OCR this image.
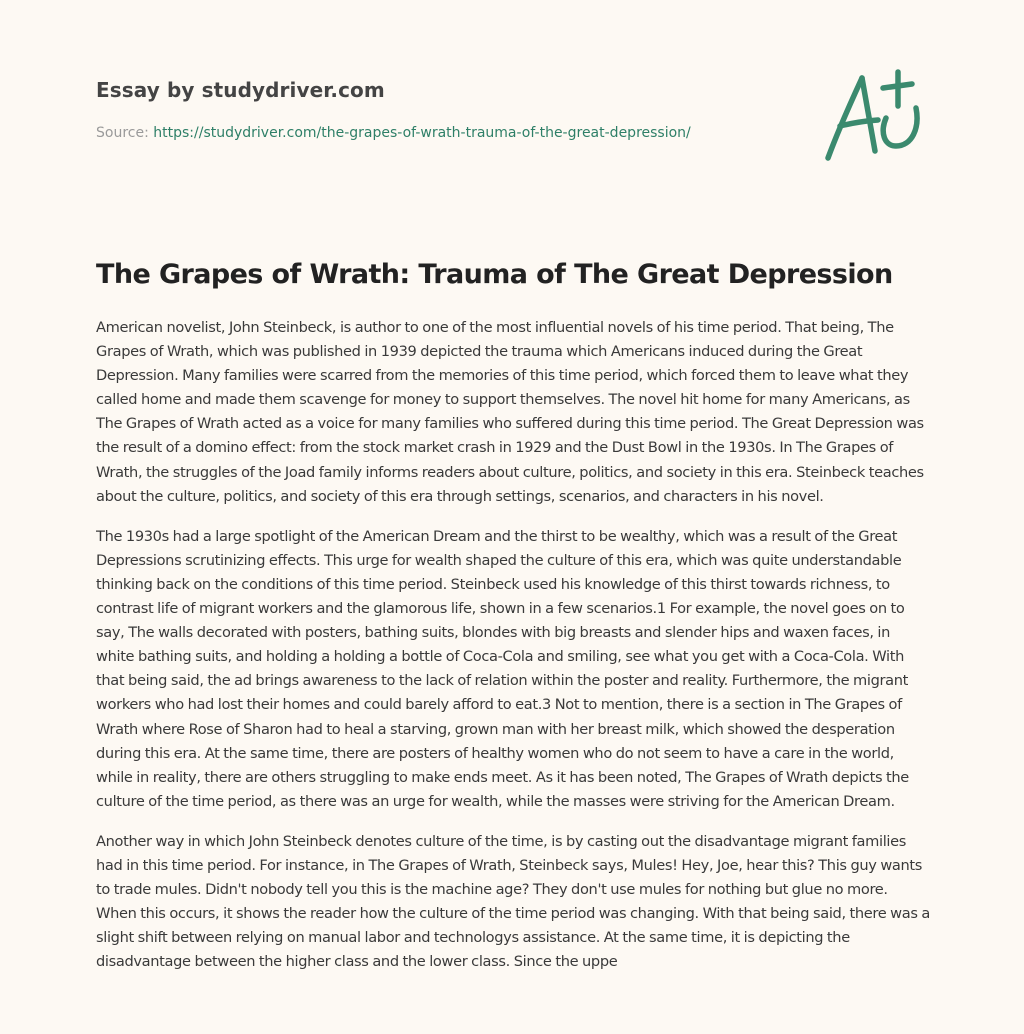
Essay by studydriver.com
Source: https://studydriver.com/the-grapes-of-wrath-trauma-of-the-great-depression/
The Grapes of Wrath: Trauma of The Great Depression

American novelist, John Steinbeck, is author to one of the most influential novels of his time period. That being, The Grapes of Wrath, which was published in 1939 depicted the trauma which Americans induced during the Great Depression. Many families were scarred from the memories of this time period, which forced them to leave what they called home and made them scavenge for money to support themselves. The novel hit home for many Americans, as The Grapes of Wrath acted as a voice for many families who suffered during this time period. The Great Depression was the result of a domino effect: from the stock market crash in 1929 and the Dust Bowl in the 1930s. In The Grapes of Wrath, the struggles of the Joad family informs readers about culture, politics, and society in this era. Steinbeck teaches about the culture, politics, and society of this era through settings, scenarios, and characters in his novel.

The 1930s had a large spotlight of the American Dream and the thirst to be wealthy, which was a result of the Great Depressions scrutinizing effects. This urge for wealth shaped the culture of this era, which was quite understandable thinking back on the conditions of this time period. Steinbeck used his knowledge of this thirst towards richness, to contrast life of migrant workers and the glamorous life, shown in a few scenarios.1 For example, the novel goes on to say, The walls decorated with posters, bathing suits, blondes with big breasts and slender hips and waxen faces, in white bathing suits, and holding a holding a bottle of Coca-Cola and smiling, see what you get with a Coca-Cola. With that being said, the ad brings awareness to the lack of relation within the poster and reality. Furthermore, the migrant workers who had lost their homes and could barely afford to eat.3 Not to mention, there is a section in The Grapes of Wrath where Rose of Sharon had to heal a starving, grown man with her breast milk, which showed the desperation during this era. At the same time, there are posters of healthy women who do not seem to have a care in the world, while in reality, there are others struggling to make ends meet. As it has been noted, The Grapes of Wrath depicts the culture of the time period, as there was an urge for wealth, while the masses were striving for the American Dream.

Another way in which John Steinbeck denotes culture of the time, is by casting out the disadvantage migrant families had in this time period. For instance, in The Grapes of Wrath, Steinbeck says, Mules! Hey, Joe, hear this? This guy wants to trade mules. Didn't nobody tell you this is the machine age? They don't use mules for nothing but glue no more. When this occurs, it shows the reader how the culture of the time period was changing. With that being said, there was a slight shift between relying on manual labor and technologys assistance. At the same time, it is depicting the disadvantage between the higher class and the lower class. Since the uppe
